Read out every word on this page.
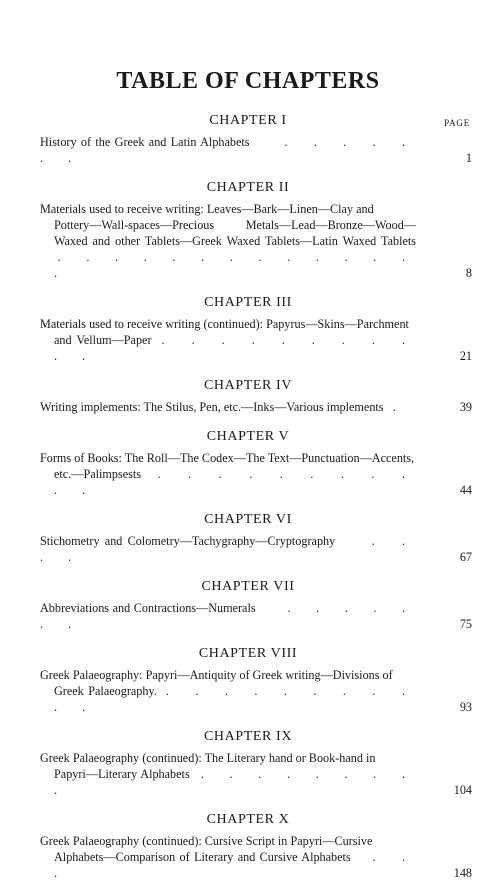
TABLE OF CHAPTERS
CHAPTER I	PAGE
History of the Greek and Latin Alphabets	. . . . . . .	1
CHAPTER II
Materials used to receive writing: Leaves—Bark—Linen—Clay and
Pottery—Wall-spaces—Precious Metals—Lead—Bronze—Wood—Waxed and other Tablets—Greek Waxed Tablets—Latin Waxed Tablets  . . . . . . . . . . . . . .	8
CHAPTER III
Materials used to receive writing (continued): Papyrus—Skins—Parchment
and Vellum—Paper . . . . . . . . . . .	21
CHAPTER IV
Writing implements: The Stilus, Pen, etc.—Inks—Various implements .	39
CHAPTER V
Forms of Books: The Roll—The Codex—The Text—Punctuation—Accents,
etc.—Palimpsests . . . . . . . . . . .	44
CHAPTER VI
Stichometry and Colometry—Tachygraphy—Cryptography	. . . .	67
CHAPTER VII
Abbreviations and Contractions—Numerals	. . . . . . .	75
CHAPTER VIII
Greek Palaeography: Papyri—Antiquity of Greek writing—Divisions of
Greek Palaeography. . . . . . . . . . . .	93
CHAPTER IX
Greek Palaeography (continued): The Literary hand or Book-hand in
Papyri—Literary Alphabets . . . . . . . . .	104
CHAPTER X
Greek Palaeography (continued): Cursive Script in Papyri—Cursive
Alphabets—Comparison of Literary and Cursive Alphabets . . .	148
